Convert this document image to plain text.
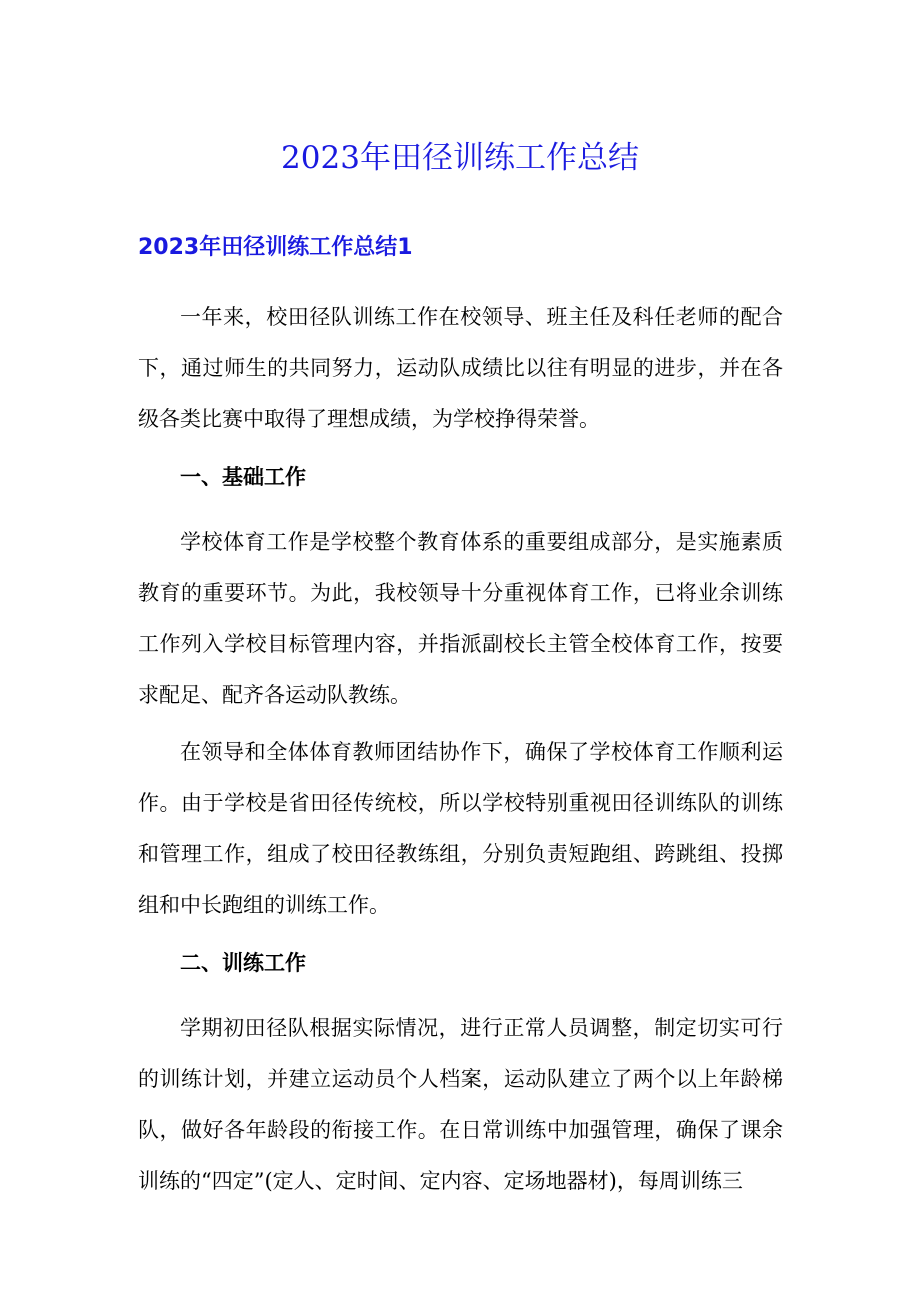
2023年田径训练工作总结
2023年田径训练工作总结1

一年来，校田径队训练工作在校领导、班主任及科任老师的配合下，通过师生的共同努力，运动队成绩比以往有明显的进步，并在各级各类比赛中取得了理想成绩，为学校挣得荣誉。

一、基础工作

学校体育工作是学校整个教育体系的重要组成部分，是实施素质教育的重要环节。为此，我校领导十分重视体育工作，已将业余训练工作列入学校目标管理内容，并指派副校长主管全校体育工作，按要求配足、配齐各运动队教练。

在领导和全体体育教师团结协作下，确保了学校体育工作顺利运作。由于学校是省田径传统校，所以学校特别重视田径训练队的训练和管理工作，组成了校田径教练组，分别负责短跑组、跨跳组、投掷组和中长跑组的训练工作。

二、训练工作

学期初田径队根据实际情况，进行正常人员调整，制定切实可行的训练计划，并建立运动员个人档案，运动队建立了两个以上年龄梯队，做好各年龄段的衔接工作。在日常训练中加强管理，确保了课余训练的“四定”(定人、定时间、定内容、定场地器材)，每周训练三
